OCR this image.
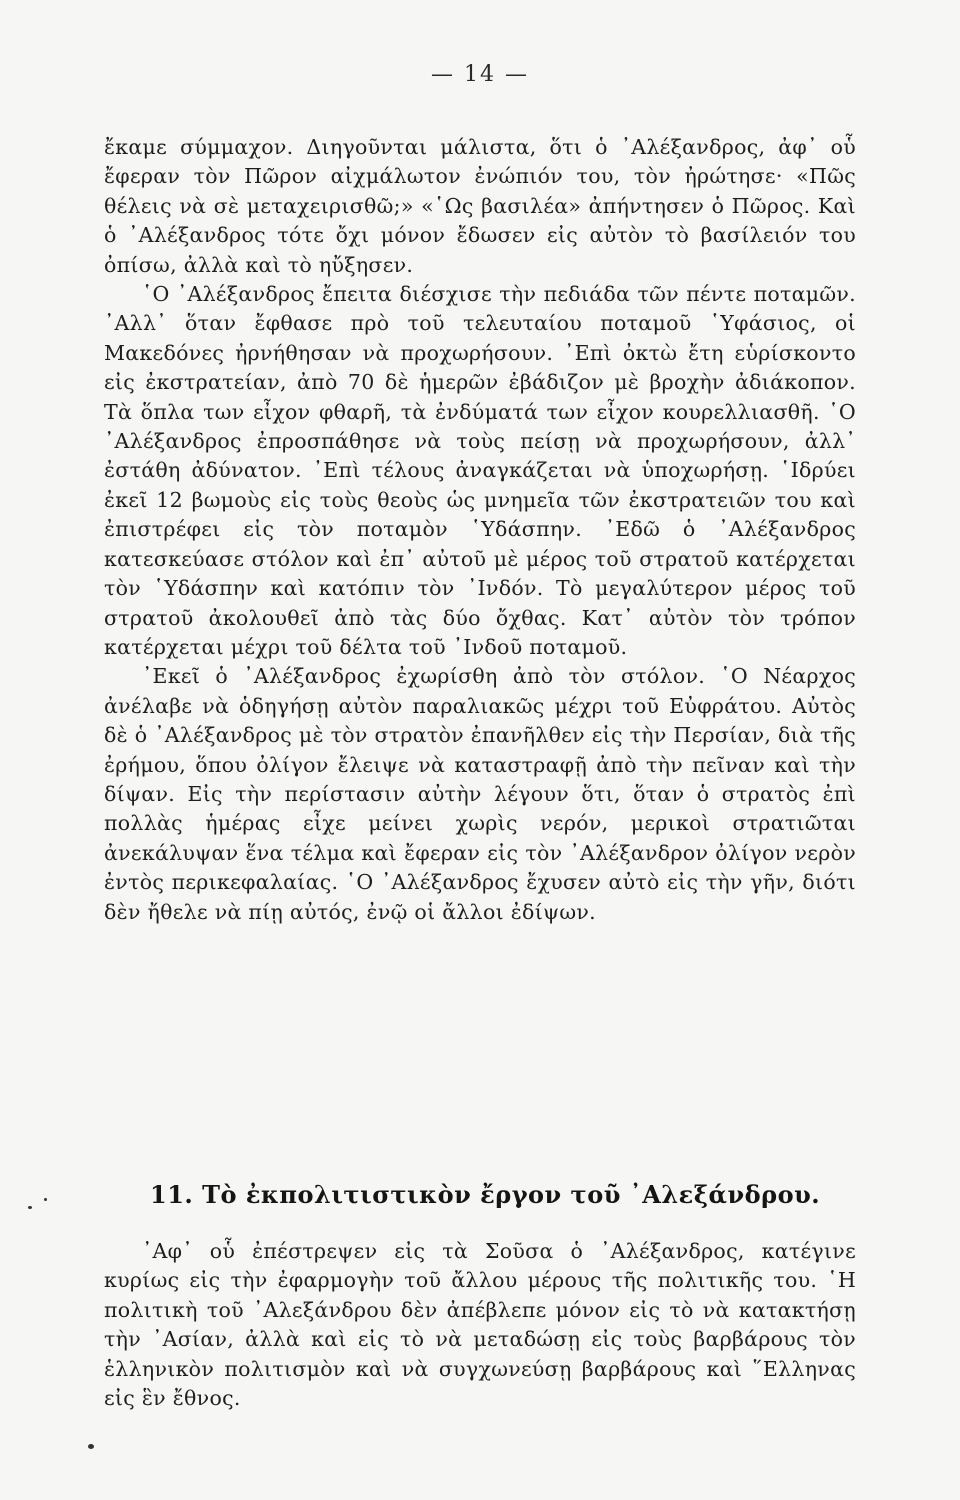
— 14 —

ἔκαμε σύμμαχον. Διηγοῦνται μάλιστα, ὅτι ὁ ᾿Αλέξανδρος, ἀφ᾿ οὗ ἔφεραν τὸν Πῶρον αἰχμάλωτον ἐνώπιόν του, τὸν ἠρώτησε· «Πῶς θέλεις νὰ σὲ μεταχειρισθῶ;» «῾Ως βασιλέα» ἀπήντησεν ὁ Πῶρος. Καὶ ὁ ᾿Αλέξανδρος τότε ὄχι μόνον ἔδωσεν εἰς αὐτὸν τὸ βασίλειόν του ὀπίσω, ἀλλὰ καὶ τὸ ηὔξησεν.

῾Ο ᾿Αλέξανδρος ἔπειτα διέσχισε τὴν πεδιάδα τῶν πέντε ποταμῶν. ᾿Αλλ᾿ ὅταν ἔφθασε πρὸ τοῦ τελευταίου ποταμοῦ ῾Υφάσιος, οἱ Μακεδόνες ἠρνήθησαν νὰ προχωρήσουν. ᾿Επὶ ὀκτὼ ἔτη εὑρίσκοντο εἰς ἐκστρατείαν, ἀπὸ 70 δὲ ἡμερῶν ἐβάδιζον μὲ βροχὴν ἀδιάκοπον. Τὰ ὅπλα των εἶχον φθαρῆ, τὰ ἐνδύματά των εἶχον κουρελλιασθῆ. ῾Ο ᾿Αλέξανδρος ἐπροσπάθησε νὰ τοὺς πείσῃ νὰ προχωρήσουν, ἀλλ᾿ ἐστάθη ἀδύνατον. ᾿Επὶ τέλους ἀναγκάζεται νὰ ὑποχωρήσῃ. ῾Ιδρύει ἐκεῖ 12 βωμοὺς εἰς τοὺς θεοὺς ὡς μνημεῖα τῶν ἐκστρατειῶν του καὶ ἐπιστρέφει εἰς τὸν ποταμὸν ῾Υδάσπην. ᾿Εδῶ ὁ ᾿Αλέξανδρος κατεσκεύασε στόλον καὶ ἐπ᾿ αὐτοῦ μὲ μέρος τοῦ στρατοῦ κατέρχεται τὸν ῾Υδάσπην καὶ κατόπιν τὸν ᾿Ινδόν. Τὸ μεγαλύτερον μέρος τοῦ στρατοῦ ἀκολουθεῖ ἀπὸ τὰς δύο ὄχθας. Κατ᾿ αὐτὸν τὸν τρόπον κατέρχεται μέχρι τοῦ δέλτα τοῦ ᾿Ινδοῦ ποταμοῦ.

᾿Εκεῖ ὁ ᾿Αλέξανδρος ἐχωρίσθη ἀπὸ τὸν στόλον. ῾Ο Νέαρχος ἀνέλαβε νὰ ὁδηγήσῃ αὐτὸν παραλιακῶς μέχρι τοῦ Εὐφράτου. Αὐτὸς δὲ ὁ ᾿Αλέξανδρος μὲ τὸν στρατὸν ἐπανῆλθεν εἰς τὴν Περσίαν, διὰ τῆς ἐρήμου, ὅπου ὀλίγον ἔλειψε νὰ καταστραφῇ ἀπὸ τὴν πεῖναν καὶ τὴν δίψαν. Εἰς τὴν περίστασιν αὐτὴν λέγουν ὅτι, ὅταν ὁ στρατὸς ἐπὶ πολλὰς ἡμέρας εἶχε μείνει χωρὶς νερόν, μερικοὶ στρατιῶται ἀνεκάλυψαν ἕνα τέλμα καὶ ἔφεραν εἰς τὸν ᾿Αλέξανδρον ὀλίγον νερὸν ἐντὸς περικεφαλαίας. ῾Ο ᾿Αλέξανδρος ἔχυσεν αὐτὸ εἰς τὴν γῆν, διότι δὲν ἤθελε νὰ πίῃ αὐτός, ἐνῷ οἱ ἄλλοι ἐδίψων.

11. Τὸ ἐκπολιτιστικὸν ἔργον τοῦ ᾿Αλεξάνδρου.

᾿Αφ᾿ οὗ ἐπέστρεψεν εἰς τὰ Σοῦσα ὁ ᾿Αλέξανδρος, κατέγινε κυρίως εἰς τὴν ἐφαρμογὴν τοῦ ἄλλου μέρους τῆς πολιτικῆς του. ῾Η πολιτικὴ τοῦ ᾿Αλεξάνδρου δὲν ἀπέβλεπε μόνον εἰς τὸ νὰ κατακτήσῃ τὴν ᾿Ασίαν, ἀλλὰ καὶ εἰς τὸ νὰ μεταδώσῃ εἰς τοὺς βαρβάρους τὸν ἑλληνικὸν πολιτισμὸν καὶ νὰ συγχωνεύσῃ βαρβάρους καὶ ῞Ελληνας εἰς ἓν ἔθνος.
